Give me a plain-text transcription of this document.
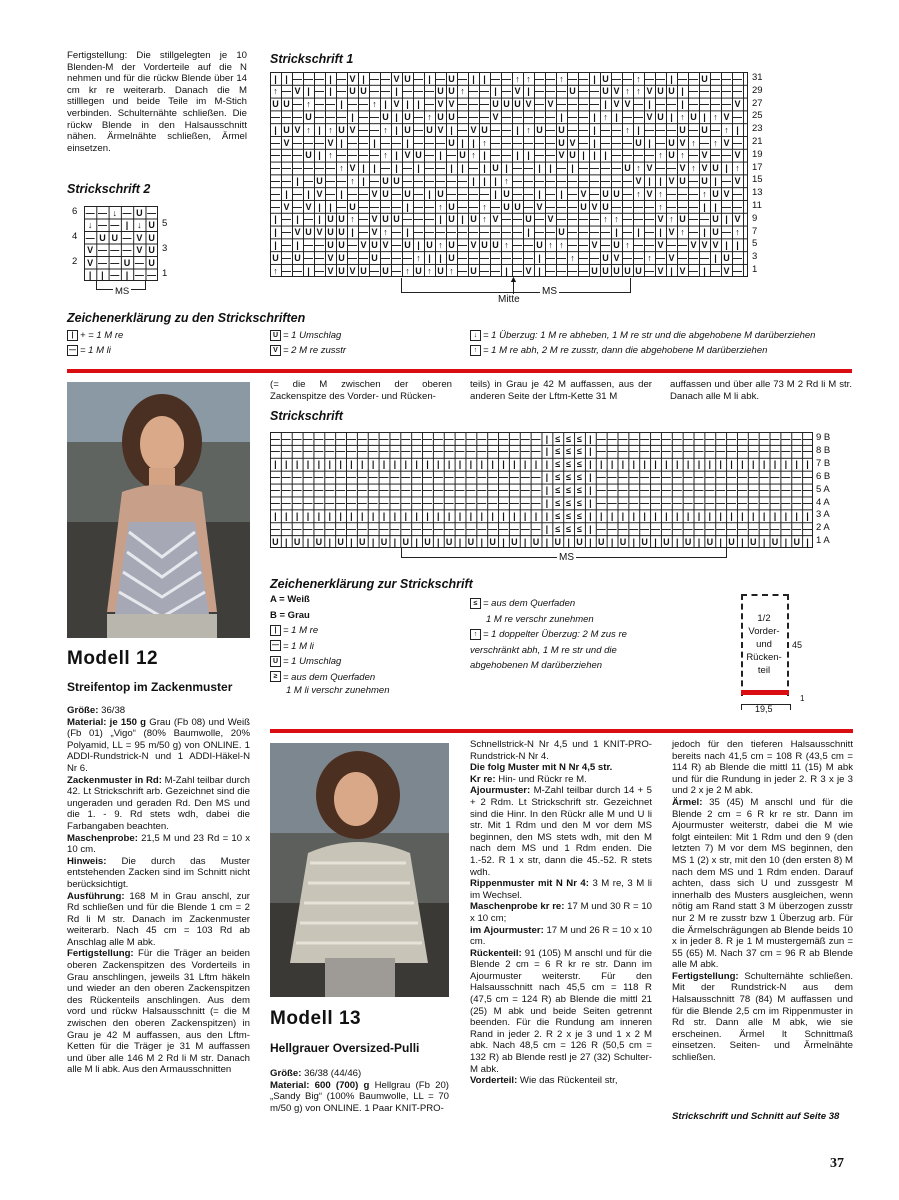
Fertigstellung: Die stillgelegten je 10 Blenden-M der Vorderteile auf die N nehmen und für die rückw Blende über 14 cm kr re weiterarb. Danach die M stilllegen und beide Teile im M-Stich verbinden. Schulternähte schließen. Die rückw Blende in den Halsausschnitt nähen. Ärmelnähte schließen, Ärmel einsetzen.
Strickschrift 1
| | — — — | — V | — — V U — | — U — | | — — ↑ ↑ — — ↑ — — | U — — ↑ — — | — — U — — —
↑ — V | — | — U U — — | — — — U U ↑ — — | — V | — — — U — — U V ↑ ↑ V U U | — — — — —
U U — ↑ — — | — — ↑ | V | | — V V — — — U U U V — V — — — — | V V — | — — | — — — — V
— — — U — — — | — — U | U — ↑ U U — — — V — — — — — | — — | ↑ | — — V U | ↑ U | ↑ V —
| U V ↑ | ↑ U V — — ↑ | U — U V | — V U — — | ↑ U — U — — | — — ↑ | — — — U — U — ↑ |
— V — — — V | — — | — — | — — — U | | ↑ — — — — — — U V — | — — — U | — U V ↑ — ↑ V —
— — — U | ↑ — — — — ↑ | V U — | — U ↑ | — — | | — — V U | | | — — — — ↑ U ↑ — V — — V
— — — — — — ↑ V | | — | — | — — | | — | U | — — | | — | — — — — U ↑ V — — V ↑ V U | ↑
— — | — U — — ↑ | — U U — — — — — — | | | ↑ — — — — — — — — — — — V | | V U — U | — V
— | — | V — | — — V U — U — | U — — — — | U — — | — | — V — U U — ↑ V ↑ — — — ↑ U V —
— V — V | | — U — — — — | — — ↑ U — — ↑ — U U — V — — — U V U — — — — ↑ — — — | | — —
| — | — | U U ↑ — V U U — — — | U | U ↑ V — — U — V — — — — ↑ ↑ — — — V ↑ U — — U | V
| — V U V U U | — V ↑ — | — — — — — — — — — — | — — U — — — — | — | — | V ↑ — | U — ↑
| — | — — U U — V U V — U | U ↑ U — V U U ↑ — — U ↑ ↑ — — V — U ↑ — — V — — V V V | |
U — U — — V U — — U — — — ↑ | | U — — — — — — — | — — ↑ — — U V — — ↑ — V — — — | U —
↑ — — | — V U V U — U — ↑ U ↑ U ↑ — U — — | — V | — — — — U U U U U — V | V — | — V —
31
29
27
25
23
21
19
17
15
13
11
9
7
5
3
1
MS
▲
Mitte
Strickschrift 2
— — ↓ — U —
↓ — — | ↓ U
— U U — V U
V — — — V U
V — — U — U
|	| — | — —
6
4
2
5
3
1
MS
Zeichenerklärung zu den Strickschriften
| + = 1 M re
— = 1 M li
U = 1 Umschlag
V = 2 M re zusstr
↓ = 1 Überzug: 1 M re abheben, 1 M re str und die abgehobene M darüberziehen
↑ = 1 M re abh, 2 M re zusstr, dann die abgehobene M darüberziehen
Modell 12
Streifentop im Zackenmuster

Größe: 36/38

Material: je 150 g Grau (Fb 08) und Weiß (Fb 01) „Vigo“ (80% Baumwolle, 20% Polyamid, LL = 95 m/50 g) von ONLINE. 1 ADDI-Rundstrick-N und 1 ADDI-Häkel-N Nr 6.

Zackenmuster in Rd: M-Zahl teilbar durch 42. Lt Strickschrift arb. Gezeichnet sind die ungeraden und geraden Rd. Den MS und die 1. - 9. Rd stets wdh, dabei die Farbangaben beachten.

Maschenprobe: 21,5 M und 23 Rd = 10 x 10 cm.

Hinweis: Die durch das Muster entstehenden Zacken sind im Schnitt nicht berücksichtigt.

Ausführung: 168 M in Grau anschl, zur Rd schließen und für die Blende 1 cm = 2 Rd li M str. Danach im Zackenmuster weiterarb. Nach 45 cm = 103 Rd ab Anschlag alle M abk.

Fertigstellung: Für die Träger an beiden oberen Zackenspitzen des Vorderteils in Grau anschlingen, jeweils 31 Lftm häkeln und wieder an den oberen Zackenspitzen des Rückenteils anschlingen. Aus dem vord und rückw Halsausschnitt (= die M zwischen den oberen Zackenspitzen) in Grau je 42 M auffassen, aus den Lftm-Ketten für die Träger je 31 M auffassen und über alle 146 M 2 Rd li M str. Danach alle M li abk. Aus den Armausschnitten

(= die M zwischen der oberen Zackenspitze des Vorder- und Rücken-
teils) in Grau je 42 M auffassen, aus der anderen Seite der Lftm-Kette 31 M
auffassen und über alle 73 M 2 Rd li M str. Danach alle M li abk.
Strickschrift
— — — — — — — — — — — — — — — — — — — — — — — — — | ≤ ≤ ≤ | — — — — — — — — — — — — — — — — — — — —
— — — — — — — — — — — — — — — — — — — — — — — — — | ≤ ≤ ≤ | — — — — — — — — — — — — — — — — — — — —
| | | | | | | | | | | | | | | | | | | | | | | | | | ≤ ≤ ≤ | | | | | | | | | | | | | | | | | | | | |
— — — — — — — — — — — — — — — — — — — — — — — — — | ≤ ≤ ≤ | — — — — — — — — — — — — — — — — — — — —
— — — — — — — — — — — — — — — — — — — — — — — — — | ≤ ≤ ≤ | — — — — — — — — — — — — — — — — — — — —
— — — — — — — — — — — — — — — — — — — — — — — — — | ≤ ≤ ≤ | — — — — — — — — — — — — — — — — — — — —
| | | | | | | | | | | | | | | | | | | | | | | | | | ≤ ≤ ≤ | | | | | | | | | | | | | | | | | | | | |
— — — — — — — — — — — — — — — — — — — — — — — — — | ≤ ≤ ≤ | — — — — — — — — — — — — — — — — — — — —
U | U | U | U | U | U | U | U | U | U | U | U | U | U | U | U | U | U | U | U | U | U | U | U | U |
9 B
8 B
7 B
6 B
5 A
4 A
3 A
2 A
1 A
MS
Zeichenerklärung zur Strickschrift
A = Weiß
B = Grau
| = 1 M re
— = 1 M li
U = 1 Umschlag
≥ = aus dem Querfaden
1 M li verschr zunehmen
≤ = aus dem Querfaden
1 M re verschr zunehmen
↑ = 1 doppelter Überzug: 2 M zus re
verschränkt abh, 1 M re str und die
abgehobenen M darüberziehen
1/2 Vorder- und Rücken- teil
45
1
19,5
Modell 13
Hellgrauer Oversized-Pulli

Größe: 36/38 (44/46)

Material: 600 (700) g Hellgrau (Fb 20) „Sandy Big“ (100% Baumwolle, LL = 70 m/50 g) von ONLINE. 1 Paar KNIT-PRO-

Schnellstrick-N Nr 4,5 und 1 KNIT-PRO-Rundstrick-N Nr 4.

Die folg Muster mit N Nr 4,5 str.

Kr re: Hin- und Rückr re M.

Ajourmuster: M-Zahl teilbar durch 14 + 5 + 2 Rdm. Lt Strickschrift str. Gezeichnet sind die Hinr. In den Rückr alle M und U li str. Mit 1 Rdm und den M vor dem MS beginnen, den MS stets wdh, mit den M nach dem MS und 1 Rdm enden. Die 1.-52. R 1 x str, dann die 45.-52. R stets wdh.

Rippenmuster mit N Nr 4: 3 M re, 3 M li im Wechsel.

Maschenprobe kr re: 17 M und 30 R = 10 x 10 cm;

im Ajourmuster: 17 M und 26 R = 10 x 10 cm.

Rückenteil: 91 (105) M anschl und für die Blende 2 cm = 6 R kr re str. Dann im Ajourmuster weiterstr. Für den Halsausschnitt nach 45,5 cm = 118 R (47,5 cm = 124 R) ab Blende die mittl 21 (25) M abk und beide Seiten getrennt beenden. Für die Rundung am inneren Rand in jeder 2. R 2 x je 3 und 1 x 2 M abk. Nach 48,5 cm = 126 R (50,5 cm = 132 R) ab Blende restl je 27 (32) Schulter-M abk.

Vorderteil: Wie das Rückenteil str,

jedoch für den tieferen Halsausschnitt bereits nach 41,5 cm = 108 R (43,5 cm = 114 R) ab Blende die mittl 11 (15) M abk und für die Rundung in jeder 2. R 3 x je 3 und 2 x je 2 M abk.

Ärmel: 35 (45) M anschl und für die Blende 2 cm = 6 R kr re str. Dann im Ajourmuster weiterstr, dabei die M wie folgt einteilen: Mit 1 Rdm und den 9 (den letzten 7) M vor dem MS beginnen, den MS 1 (2) x str, mit den 10 (den ersten 8) M nach dem MS und 1 Rdm enden. Darauf achten, dass sich U und zussgestr M innerhalb des Musters ausgleichen, wenn nötig am Rand statt 3 M überzogen zusstr nur 2 M re zusstr bzw 1 Überzug arb. Für die Ärmelschrägungen ab Blende beids 10 x in jeder 8. R je 1 M mustergemäß zun = 55 (65) M. Nach 37 cm = 96 R ab Blende alle M abk.

Fertigstellung: Schulternähte schließen. Mit der Rundstrick-N aus dem Halsausschnitt 78 (84) M auffassen und für die Blende 2,5 cm im Rippenmuster in Rd str. Dann alle M abk, wie sie erscheinen. Ärmel lt Schnittmaß einsetzen. Seiten- und Ärmelnähte schließen.

Strickschrift und Schnitt auf Seite 38
37
